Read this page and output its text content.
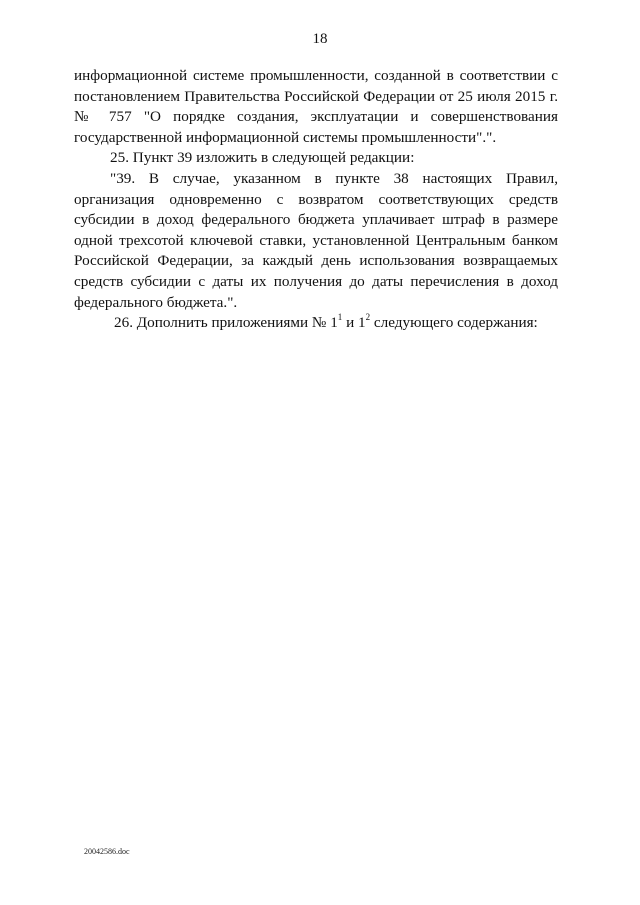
18
информационной системе промышленности, созданной в соответствии с
постановлением Правительства Российской Федерации от 25 июля 2015 г.
№ 757 "О порядке создания, эксплуатации и совершенствования
государственной информационной системы промышленности".".
25. Пункт 39 изложить в следующей редакции:
"39. В случае, указанном в пункте 38 настоящих Правил,
организация одновременно с возвратом соответствующих средств
субсидии в доход федерального бюджета уплачивает штраф в размере
одной трехсотой ключевой ставки, установленной Центральным банком
Российской Федерации, за каждый день использования возвращаемых
средств субсидии с даты их получения до даты перечисления в доход
федерального бюджета.".
26. Дополнить приложениями № $1^1$ и $1^2$ следующего содержания:
20042586.doc
